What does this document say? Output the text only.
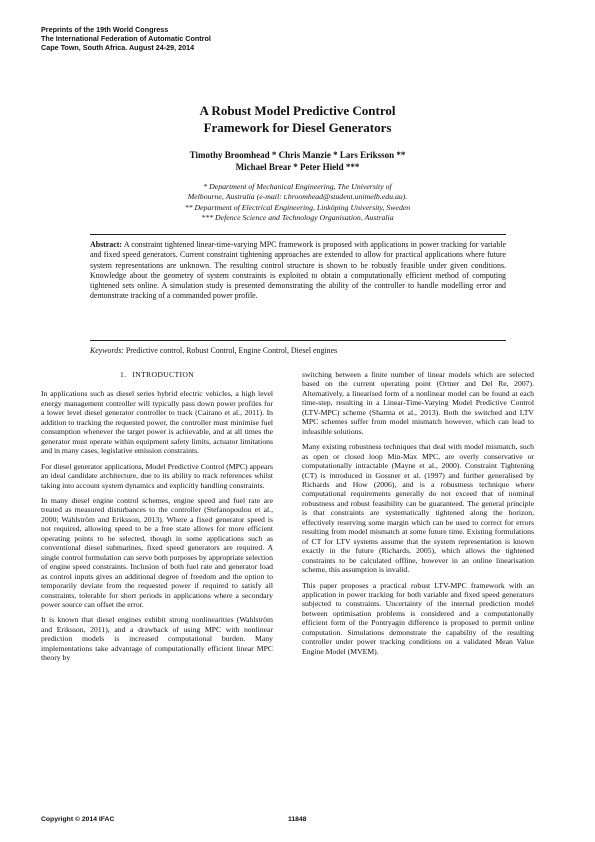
Preprints of the 19th World Congress
The International Federation of Automatic Control
Cape Town, South Africa. August 24-29, 2014
A Robust Model Predictive Control
Framework for Diesel Generators
Timothy Broomhead * Chris Manzie * Lars Eriksson **
Michael Brear * Peter Hield ***
* Department of Mechanical Engineering, The University of
Melbourne, Australia (e-mail: t.broomhead@student.unimelb.edu.au).
** Department of Electrical Engineering, Linköping University, Sweden
*** Defence Science and Technology Organisation, Australia
Abstract: A constraint tightened linear-time-varying MPC framework is proposed with applications in power tracking for variable and fixed speed generators. Current constraint tightening approaches are extended to allow for practical applications where future system representations are unknown. The resulting control structure is shown to be robustly feasible under given conditions. Knowledge about the geometry of system constraints is exploited to obtain a computationally efficient method of computing tightened sets online. A simulation study is presented demonstrating the ability of the controller to handle modelling error and demonstrate tracking of a commanded power profile.
Keywords: Predictive control, Robust Control, Engine Control, Diesel engines
1. INTRODUCTION

In applications such as diesel series hybrid electric vehicles, a high level energy management controller will typically pass down power profiles for a lower level diesel generator controller to track (Cairano et al., 2011). In addition to tracking the requested power, the controller must minimise fuel consumption whenever the target power is achievable, and at all times the generator must operate within equipment safety limits, actuator limitations and in many cases, legislative emission constraints.

For diesel generator applications, Model Predictive Control (MPC) appears an ideal candidate architecture, due to its ability to track references whilst taking into account system dynamics and explicitly handling constraints.

In many diesel engine control schemes, engine speed and fuel rate are treated as measured disturbances to the controller (Stefanopoulou et al., 2000; Wahlström and Eriksson, 2013). Where a fixed generator speed is not required, allowing speed to be a free state allows for more efficient operating points to be selected, though in some applications such as conventional diesel submarines, fixed speed generators are required. A single control formulation can serve both purposes by appropriate selection of engine speed constraints. Inclusion of both fuel rate and generator load as control inputs gives an additional degree of freedom and the option to temporarily deviate from the requested power if required to satisfy all constraints, tolerable for short periods in applications where a secondary power source can offset the error.

It is known that diesel engines exhibit strong nonlinearities (Wahlström and Eriksson, 2011), and a drawback of using MPC with nonlinear prediction models is increased computational burden. Many implementations take advantage of computationally efficient linear MPC theory by

switching between a finite number of linear models which are selected based on the current operating point (Ortner and Del Re, 2007). Alternatively, a linearised form of a nonlinear model can be found at each time-step, resulting in a Linear-Time-Varying Model Predictive Control (LTV-MPC) scheme (Sharma et al., 2013). Both the switched and LTV MPC schemes suffer from model mismatch however, which can lead to infeasible solutions.

Many existing robustness techniques that deal with model mismatch, such as open or closed loop Min-Max MPC, are overly conservative or computationally intractable (Mayne et al., 2000). Constraint Tightening (CT) is introduced in Gossner et al. (1997) and further generalised by Richards and How (2006), and is a robustness technique where computational requirements generally do not exceed that of nominal robustness and robust feasibility can be guaranteed. The general principle is that constraints are systematically tightened along the horizon, effectively reserving some margin which can be used to correct for errors resulting from model mismatch at some future time. Existing formulations of CT for LTV systems assume that the system representation is known exactly in the future (Richards, 2005), which allows the tightened constraints to be calculated offline, however in an online linearisation scheme, this assumption is invalid.

This paper proposes a practical robust LTV-MPC framework with an application in power tracking for both variable and fixed speed generators subjected to constraints. Uncertainty of the internal prediction model between optimisation problems is considered and a computationally efficient form of the Pontryagin difference is proposed to permit online computation. Simulations demonstrate the capability of the resulting controller under power tracking conditions on a validated Mean Value Engine Model (MVEM).

Copyright © 2014 IFAC	11848
